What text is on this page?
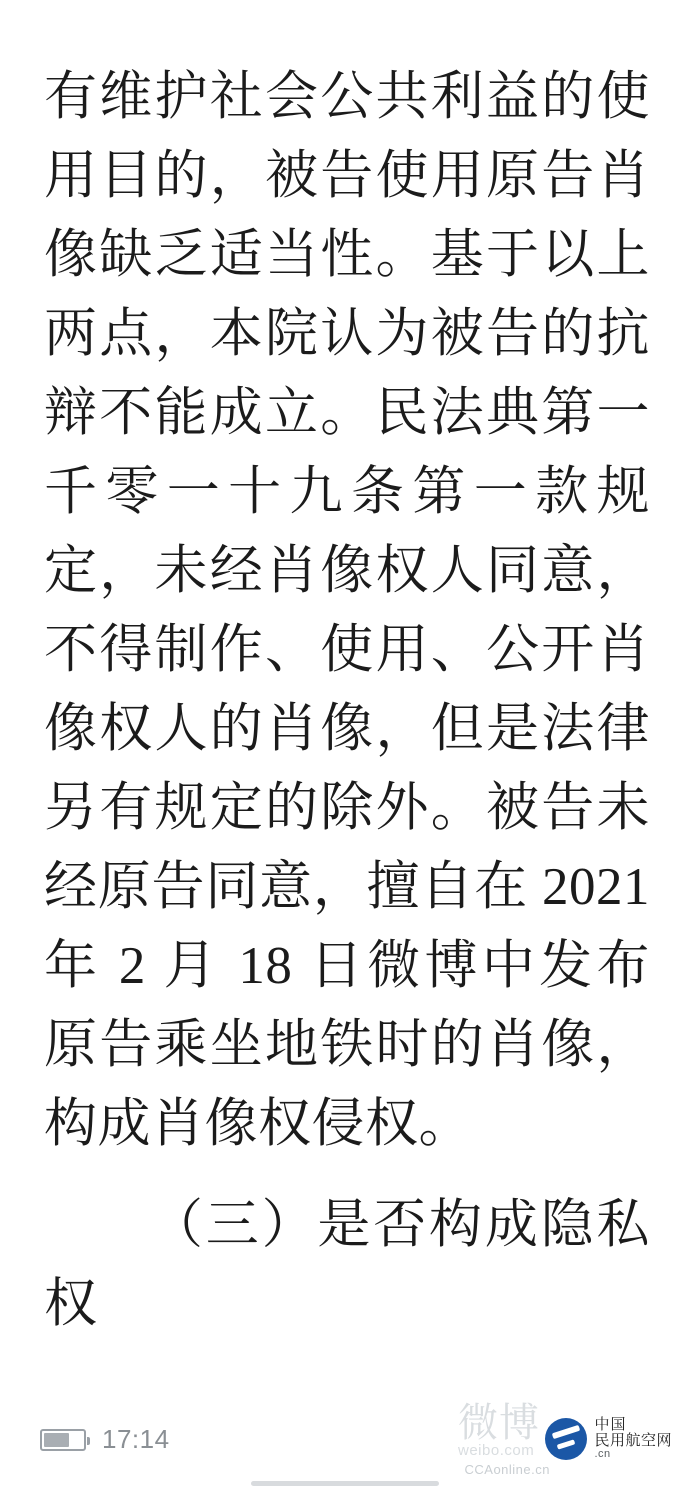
有维护社会公共利益的使用目的，被告使用原告肖像缺乏适当性。基于以上两点，本院认为被告的抗辩不能成立。民法典第一千零一十九条第一款规定，未经肖像权人同意，不得制作、使用、公开肖像权人的肖像，但是法律另有规定的除外。被告未经原告同意，擅自在 2021 年 2 月 18 日微博中发布原告乘坐地铁时的肖像，构成肖像权侵权。

（三）是否构成隐私权

17:14	微博
weibo.com
CCAonline.cn
中国
民用航空网
.cn
